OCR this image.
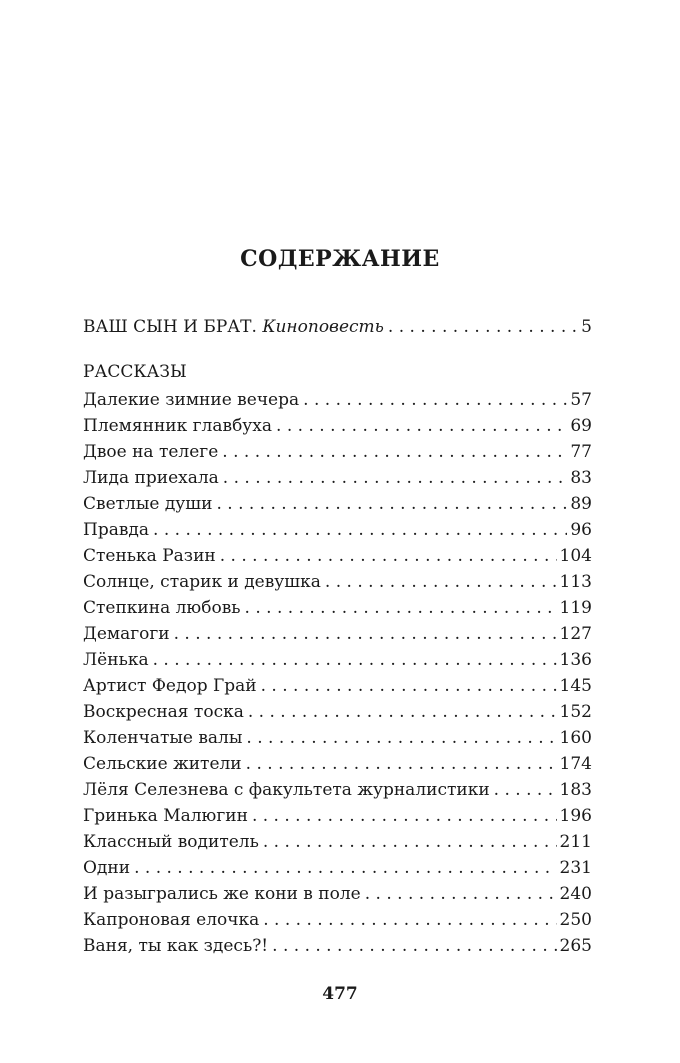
СОДЕРЖАНИЕ
ВАШ СЫН И БРАТ. Киноповесть . . .	5
РАССКАЗЫ
Далекие зимние вечера . . .	57
Племянник главбуха . . .	69
Двое на телеге . . .	77
Лида приехала . . .	83
Светлые души . . .	89
Правда . . .	96
Стенька Разин . . .	104
Солнце, старик и девушка . . .	113
Степкина любовь . . .	119
Демагоги . . .	127
Лёнька . . .	136
Артист Федор Грай . . .	145
Воскресная тоска . . .	152
Коленчатые валы . . .	160
Сельские жители . . .	174
Лёля Селезнева с факультета журналистики . . .	183
Гринька Малюгин . . .	196
Классный водитель . . .	211
Одни . . .	231
И разыгрались же кони в поле . . .	240
Капроновая елочка . . .	250
Ваня, ты как здесь?! . . .	265
477
